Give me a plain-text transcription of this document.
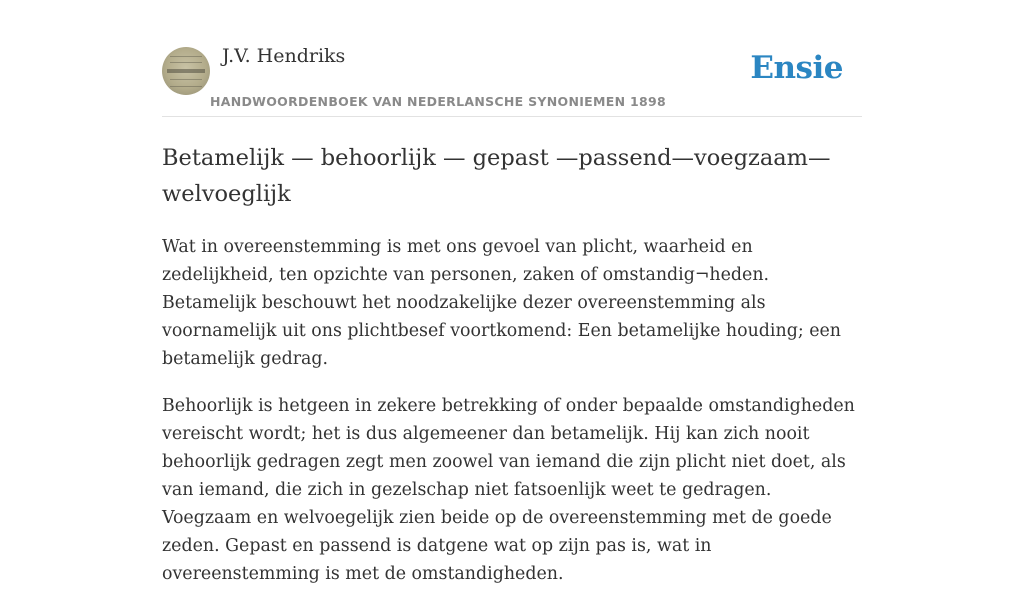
J.V. Hendriks
HANDWOORDENBOEK VAN NEDERLANSCHE SYNONIEMEN 1898
Ensie
Betamelijk — behoorlijk — gepast —passend—voegzaam—welvoeglijk

Wat in overeenstemming is met ons gevoel van plicht, waarheid en zedelijkheid, ten opzichte van personen, zaken of omstandig¬heden. Betamelijk beschouwt het noodzakelijke dezer overeenstemming als voornamelijk uit ons plichtbesef voortkomend: Een betamelijke houding; een betamelijk gedrag.

Behoorlijk is hetgeen in zekere betrekking of onder bepaalde omstandigheden vereischt wordt; het is dus algemeener dan betamelijk. Hij kan zich nooit behoorlijk gedragen zegt men zoowel van iemand die zijn plicht niet doet, als van iemand, die zich in gezelschap niet fatsoenlijk weet te gedragen. Voegzaam en welvoegelijk zien beide op de overeenstemming met de goede zeden. Gepast en passend is datgene wat op zijn pas is, wat in overeenstemming is met de omstandigheden.
